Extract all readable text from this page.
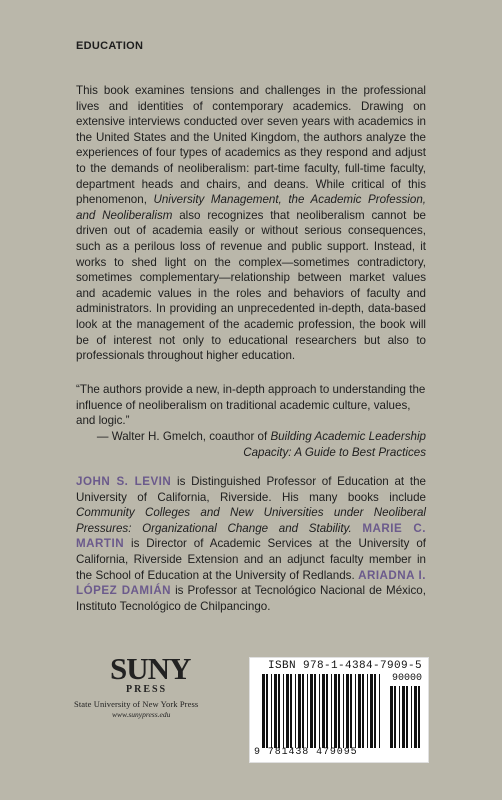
EDUCATION
This book examines tensions and challenges in the professional lives and identities of contemporary academics. Drawing on extensive interviews conducted over seven years with academics in the United States and the United Kingdom, the authors analyze the experiences of four types of academics as they respond and adjust to the demands of neoliberalism: part-time faculty, full-time faculty, department heads and chairs, and deans. While critical of this phenomenon, University Management, the Academic Profession, and Neoliberalism also recognizes that neoliberalism cannot be driven out of academia easily or without serious consequences, such as a perilous loss of revenue and public support. Instead, it works to shed light on the complex—sometimes contradictory, sometimes complementary—relationship between market values and academic values in the roles and behaviors of faculty and administrators. In providing an unprecedented in-depth, data-based look at the management of the academic profession, the book will be of interest not only to educational researchers but also to professionals throughout higher education.
“The authors provide a new, in-depth approach to understanding the influence of neoliberalism on traditional academic culture, values, and logic.”
— Walter H. Gmelch, coauthor of Building Academic Leadership Capacity: A Guide to Best Practices
JOHN S. LEVIN is Distinguished Professor of Education at the University of California, Riverside. His many books include Community Colleges and New Universities under Neoliberal Pressures: Organizational Change and Stability. MARIE C. MARTIN is Director of Academic Services at the University of California, Riverside Extension and an adjunct faculty member in the School of Education at the University of Redlands. ARIADNA I. LÓPEZ DAMIÁN is Professor at Tecnológico Nacional de México, Instituto Tecnológico de Chilpancingo.
SUNY
PRESS
State University of New York Press
www.sunypress.edu
ISBN 978-1-4384-7909-5
90000
9 781438 479095
